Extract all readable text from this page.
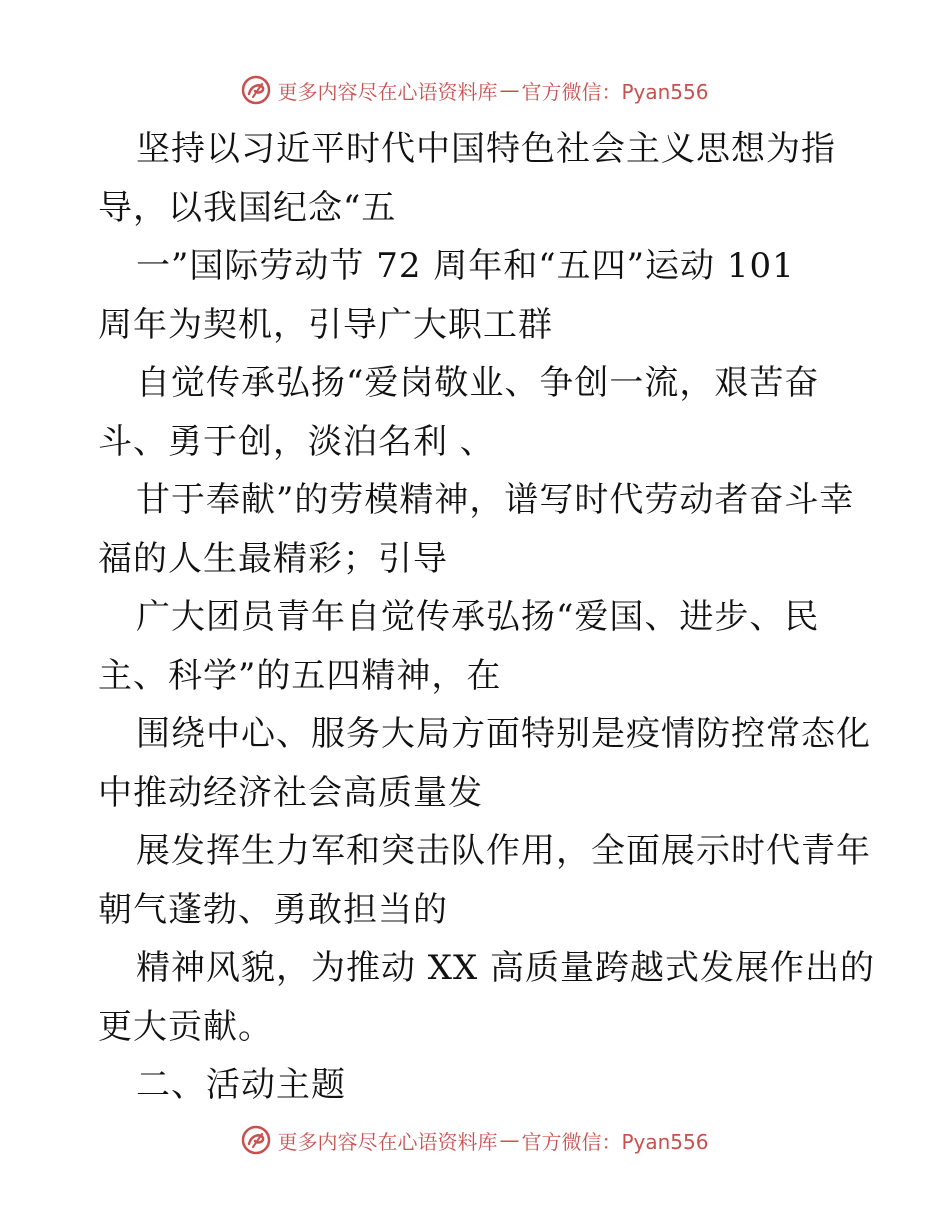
更多内容尽在心语资料库 — 官方微信：Pyan556
坚持以习近平时代中国特色社会主义思想为指
导，以我国纪念“五
一”国际劳动节 72 周年和“五四”运动 101
周年为契机，引导广大职工群
自觉传承弘扬“爱岗敬业、争创一流，艰苦奋
斗、勇于创，淡泊名利 、
甘于奉献”的劳模精神，谱写时代劳动者奋斗幸
福的人生最精彩；引导
广大团员青年自觉传承弘扬“爱国、进步、民
主、科学”的五四精神，在
围绕中心、服务大局方面特别是疫情防控常态化
中推动经济社会高质量发
展发挥生力军和突击队作用，全面展示时代青年
朝气蓬勃、勇敢担当的
精神风貌，为推动 XX 高质量跨越式发展作出的
更大贡献。
二、活动主题
更多内容尽在心语资料库 — 官方微信：Pyan556
